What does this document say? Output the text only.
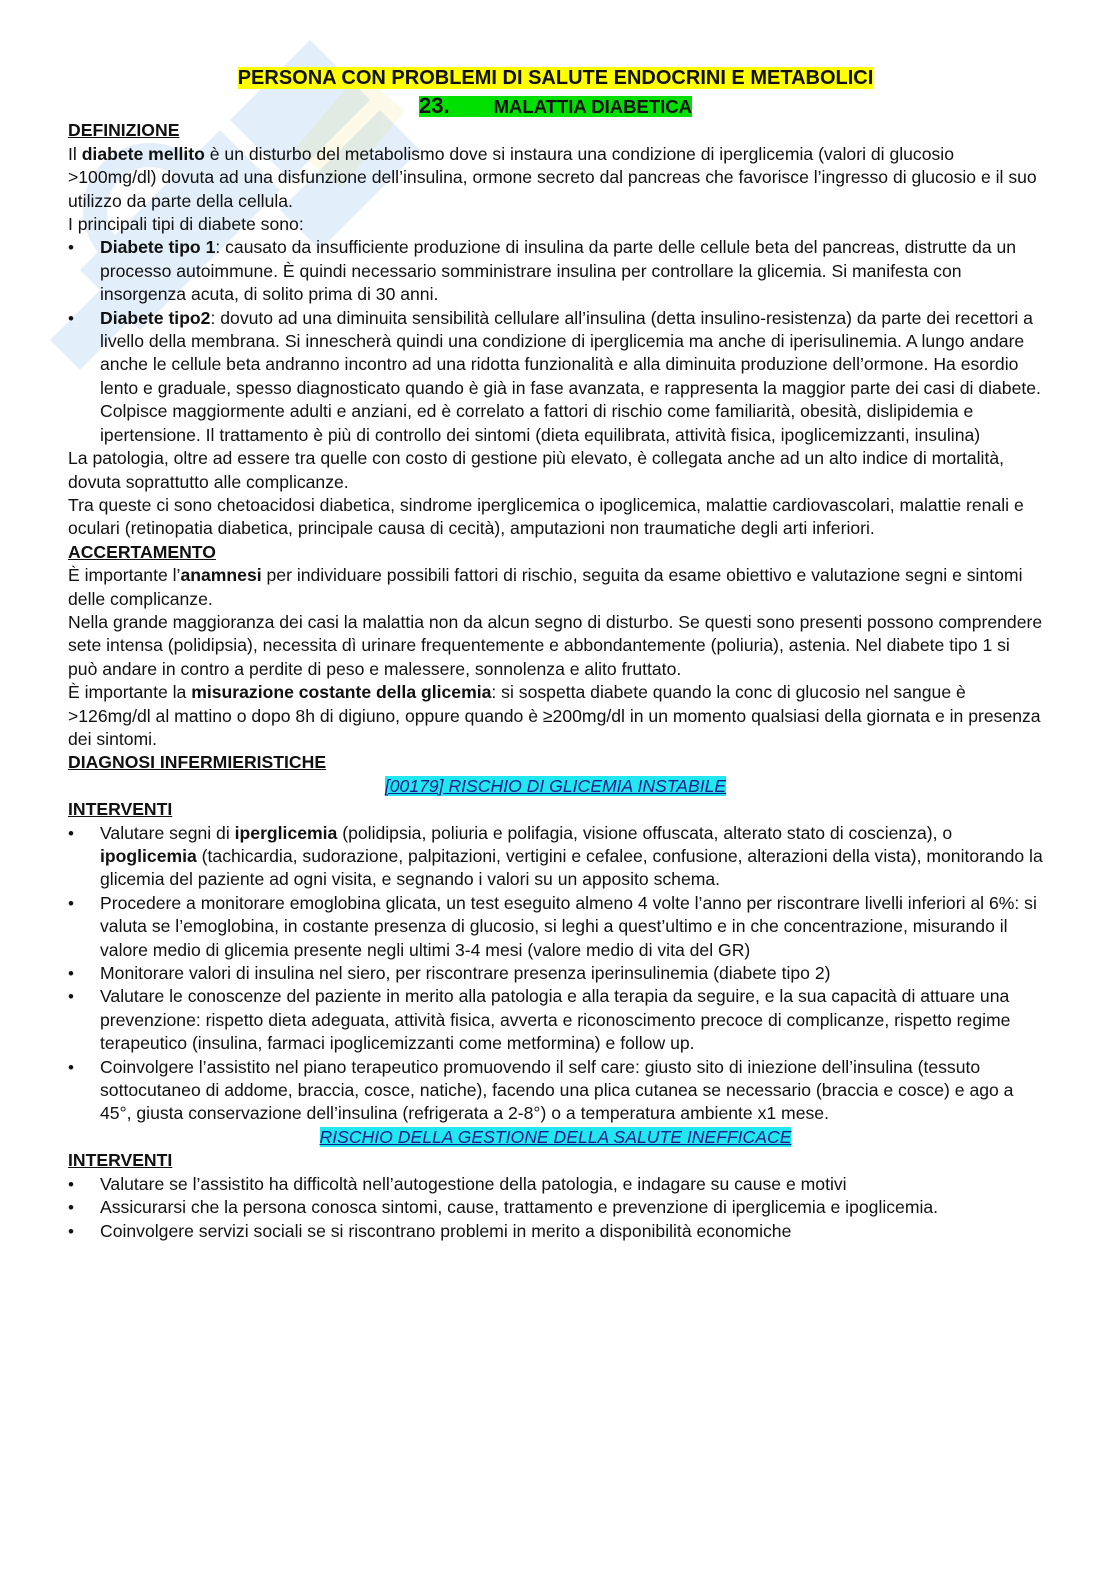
PERSONA CON PROBLEMI DI SALUTE ENDOCRINI E METABOLICI
23. MALATTIA DIABETICA
DEFINIZIONE

Il diabete mellito è un disturbo del metabolismo dove si instaura una condizione di iperglicemia (valori di glucosio >100mg/dl) dovuta ad una disfunzione dell’insulina, ormone secreto dal pancreas che favorisce l’ingresso di glucosio e il suo utilizzo da parte della cellula.

I principali tipi di diabete sono:

• Diabete tipo 1: causato da insufficiente produzione di insulina da parte delle cellule beta del pancreas, distrutte da un processo autoimmune. È quindi necessario somministrare insulina per controllare la glicemia. Si manifesta con insorgenza acuta, di solito prima di 30 anni.
• Diabete tipo2: dovuto ad una diminuita sensibilità cellulare all’insulina (detta insulino-resistenza) da parte dei recettori a livello della membrana. Si innescherà quindi una condizione di iperglicemia ma anche di iperisulinemia. A lungo andare anche le cellule beta andranno incontro ad una ridotta funzionalità e alla diminuita produzione dell’ormone. Ha esordio lento e graduale, spesso diagnosticato quando è già in fase avanzata, e rappresenta la maggior parte dei casi di diabete. Colpisce maggiormente adulti e anziani, ed è correlato a fattori di rischio come familiarità, obesità, dislipidemia e ipertensione. Il trattamento è più di controllo dei sintomi (dieta equilibrata, attività fisica, ipoglicemizzanti, insulina)

La patologia, oltre ad essere tra quelle con costo di gestione più elevato, è collegata anche ad un alto indice di mortalità, dovuta soprattutto alle complicanze.

Tra queste ci sono chetoacidosi diabetica, sindrome iperglicemica o ipoglicemica, malattie cardiovascolari, malattie renali e oculari (retinopatia diabetica, principale causa di cecità), amputazioni non traumatiche degli arti inferiori.

ACCERTAMENTO

È importante l’anamnesi per individuare possibili fattori di rischio, seguita da esame obiettivo e valutazione segni e sintomi delle complicanze.

Nella grande maggioranza dei casi la malattia non da alcun segno di disturbo. Se questi sono presenti possono comprendere sete intensa (polidipsia), necessita dì urinare frequentemente e abbondantemente (poliuria), astenia. Nel diabete tipo 1 si può andare in contro a perdite di peso e malessere, sonnolenza e alito fruttato.

È importante la misurazione costante della glicemia: si sospetta diabete quando la conc di glucosio nel sangue è >126mg/dl al mattino o dopo 8h di digiuno, oppure quando è ≥200mg/dl in un momento qualsiasi della giornata e in presenza dei sintomi.

DIAGNOSI INFERMIERISTICHE
[00179] RISCHIO DI GLICEMIA INSTABILE
INTERVENTI
• Valutare segni di iperglicemia (polidipsia, poliuria e polifagia, visione offuscata, alterato stato di coscienza), o ipoglicemia (tachicardia, sudorazione, palpitazioni, vertigini e cefalee, confusione, alterazioni della vista), monitorando la glicemia del paziente ad ogni visita, e segnando i valori su un apposito schema.
• Procedere a monitorare emoglobina glicata, un test eseguito almeno 4 volte l’anno per riscontrare livelli inferiori al 6%: si valuta se l’emoglobina, in costante presenza di glucosio, si leghi a quest’ultimo e in che concentrazione, misurando il valore medio di glicemia presente negli ultimi 3-4 mesi (valore medio di vita del GR)
• Monitorare valori di insulina nel siero, per riscontrare presenza iperinsulinemia (diabete tipo 2)
• Valutare le conoscenze del paziente in merito alla patologia e alla terapia da seguire, e la sua capacità di attuare una prevenzione: rispetto dieta adeguata, attività fisica, avverta e riconoscimento precoce di complicanze, rispetto regime terapeutico (insulina, farmaci ipoglicemizzanti come metformina) e follow up.
• Coinvolgere l’assistito nel piano terapeutico promuovendo il self care: giusto sito di iniezione dell’insulina (tessuto sottocutaneo di addome, braccia, cosce, natiche), facendo una plica cutanea se necessario (braccia e cosce) e ago a 45°, giusta conservazione dell’insulina (refrigerata a 2-8°) o a temperatura ambiente x1 mese.
RISCHIO DELLA GESTIONE DELLA SALUTE INEFFICACE
INTERVENTI
• Valutare se l’assistito ha difficoltà nell’autogestione della patologia, e indagare su cause e motivi
• Assicurarsi che la persona conosca sintomi, cause, trattamento e prevenzione di iperglicemia e ipoglicemia.
• Coinvolgere servizi sociali se si riscontrano problemi in merito a disponibilità economiche
